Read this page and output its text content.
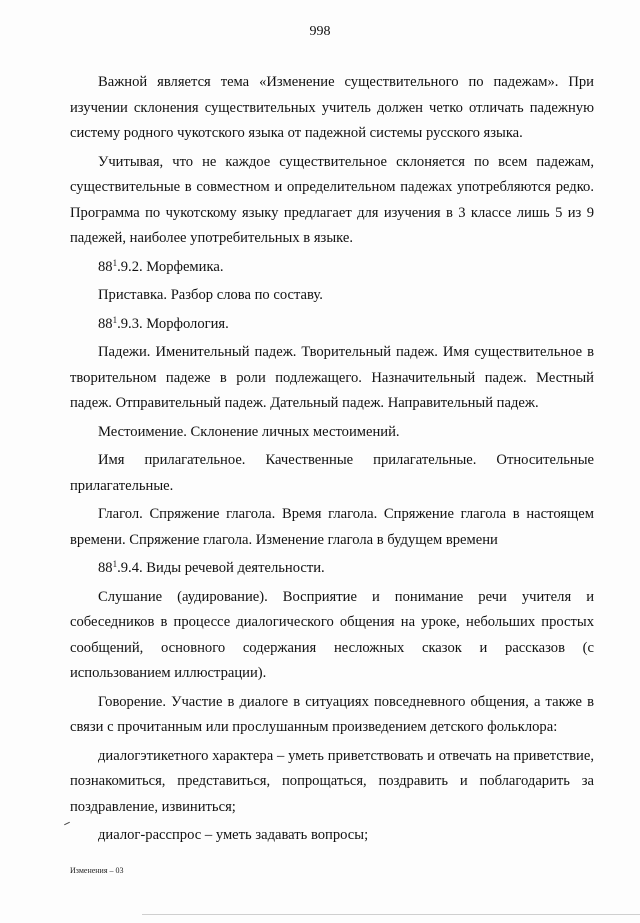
998

Важной является тема «Изменение существительного по падежам». При изучении склонения существительных учитель должен четко отличать падежную систему родного чукотского языка от падежной системы русского языка.

Учитывая, что не каждое существительное склоняется по всем падежам, существительные в совместном и определительном падежах употребляются редко. Программа по чукотскому языку предлагает для изучения в 3 классе лишь 5 из 9 падежей, наиболее употребительных в языке.

$88^1.9.2$. Морфемика.

Приставка. Разбор слова по составу.

$88^1.9.3$. Морфология.

Падежи. Именительный падеж. Творительный падеж. Имя существительное в творительном падеже в роли подлежащего. Назначительный падеж. Местный падеж. Отправительный падеж. Дательный падеж. Направительный падеж.

Местоимение. Склонение личных местоимений.

Имя прилагательное. Качественные прилагательные. Относительные прилагательные.

Глагол. Спряжение глагола. Время глагола. Спряжение глагола в настоящем времени. Спряжение глагола. Изменение глагола в будущем времени

$88^1.9.4$. Виды речевой деятельности.

Слушание (аудирование). Восприятие и понимание речи учителя и собеседников в процессе диалогического общения на уроке, небольших простых сообщений, основного содержания несложных сказок и рассказов (с использованием иллюстрации).

Говорение. Участие в диалоге в ситуациях повседневного общения, а также в связи с прочитанным или прослушанным произведением детского фольклора:

диалогэтикетного характера – уметь приветствовать и отвечать на приветствие, познакомиться, представиться, попрощаться, поздравить и поблагодарить за поздравление, извиниться;

диалог-расспрос – уметь задавать вопросы;

Изменения – 03
